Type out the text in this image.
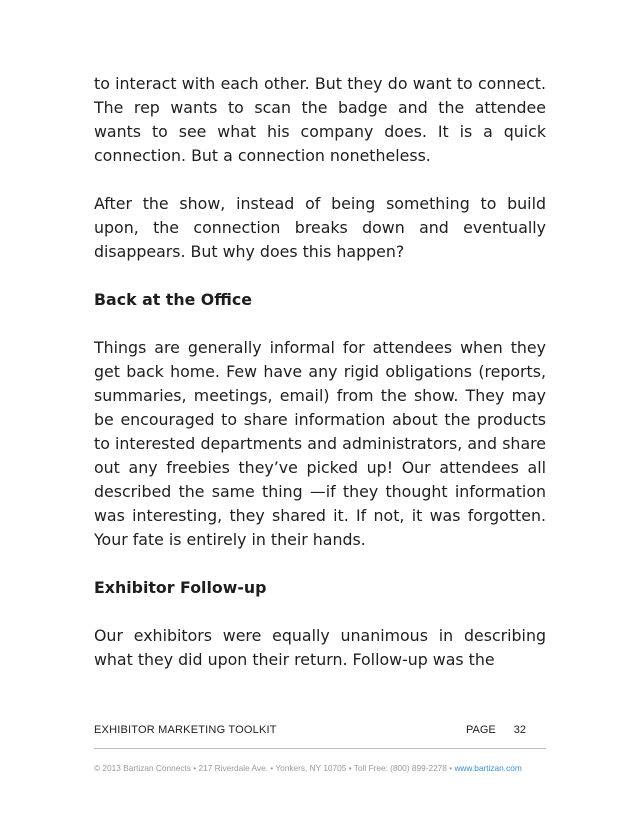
to interact with each other. But they do want to connect. The rep wants to scan the badge and the attendee wants to see what his company does. It is a quick connection. But a connection nonetheless.

After the show, instead of being something to build upon, the connection breaks down and eventually disappears. But why does this happen?

Back at the Office

Things are generally informal for attendees when they get back home. Few have any rigid obligations (reports, summaries, meetings, email) from the show. They may be encouraged to share information about the products to interested departments and administrators, and share out any freebies they’ve picked up! Our attendees all described the same thing —if they thought information was interesting, they shared it. If not, it was forgotten. Your fate is entirely in their hands.

Exhibitor Follow-up

Our exhibitors were equally unanimous in describing what they did upon their return. Follow-up was the

EXHIBITOR MARKETING TOOLKIT	PAGE 32
© 2013 Bartizan Connects • 217 Riverdale Ave. • Yonkers, NY 10705 • Toll Free: (800) 899-2278 • www.bartizan.com
